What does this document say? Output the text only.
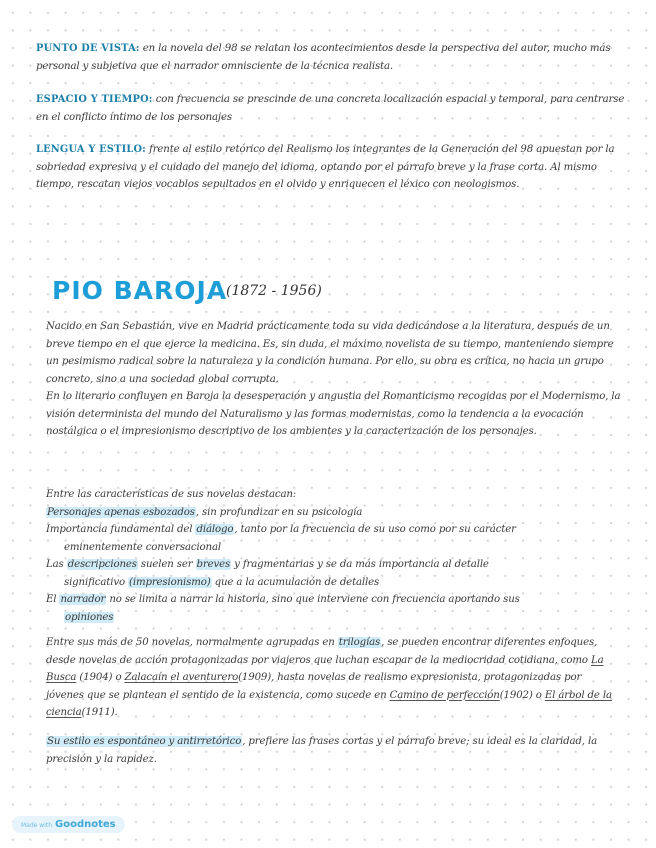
PUNTO DE VISTA: en la novela del 98 se relatan los acontecimientos desde la perspectiva del autor, mucho más personal y subjetiva que el narrador omnisciente de la técnica realista.
ESPACIO Y TIEMPO: con frecuencia se prescinde de una concreta localización espacial y temporal, para centrarse en el conflicto íntimo de los personajes
LENGUA Y ESTILO: frente al estilo retórico del Realismo los integrantes de la Generación del 98 apuestan por la sobriedad expresiva y el cuidado del manejo del idioma, optando por el párrafo breve y la frase corta. Al mismo tiempo, rescatan viejos vocablos sepultados en el olvido y enriquecen el léxico con neologismos.
PIO BAROJA
(1872 - 1956)
Nacido en San Sebastián, vive en Madrid prácticamente toda su vida dedicándose a la literatura, después de un breve tiempo en el que ejerce la medicina. Es, sin duda, el máximo novelista de su tiempo, manteniendo siempre un pesimismo radical sobre la naturaleza y la condición humana. Por ello, su obra es crítica, no hacia un grupo concreto, sino a una sociedad global corrupta.
En lo literario confluyen en Baroja la desesperación y angustia del Romanticismo recogidas por el Modernismo, la visión determinista del mundo del Naturalismo y las formas modernistas, como la tendencia a la evocación nostálgica o el impresionismo descriptivo de los ambientes y la caracterización de los personajes.
Entre las características de sus novelas destacan:
Personajes apenas esbozados, sin profundizar en su psicología
Importancia fundamental del diálogo, tanto por la frecuencia de su uso como por su carácter
eminentemente conversacional
Las descripciones suelen ser breves y fragmentarias y se da más importancia al detalle
significativo (impresionismo) que a la acumulación de detalles
El narrador no se limita a narrar la historia, sino que interviene con frecuencia aportando sus
opiniones
Entre sus más de 50 novelas, normalmente agrupadas en trilogías, se pueden encontrar diferentes enfoques, desde novelas de acción protagonizadas por viajeros que luchan escapar de la mediocridad cotidiana, como La Busca (1904) o Zalacaín el aventurero(1909), hasta novelas de realismo expresionista, protagonizadas por jóvenes que se plantean el sentido de la existencia, como sucede en Camino de perfección(1902) o El árbol de la ciencia(1911).
Su estilo es espontáneo y antirretórico, prefiere las frases cortas y el párrafo breve; su ideal es la claridad, la precisión y la rapidez.
Made with Goodnotes
